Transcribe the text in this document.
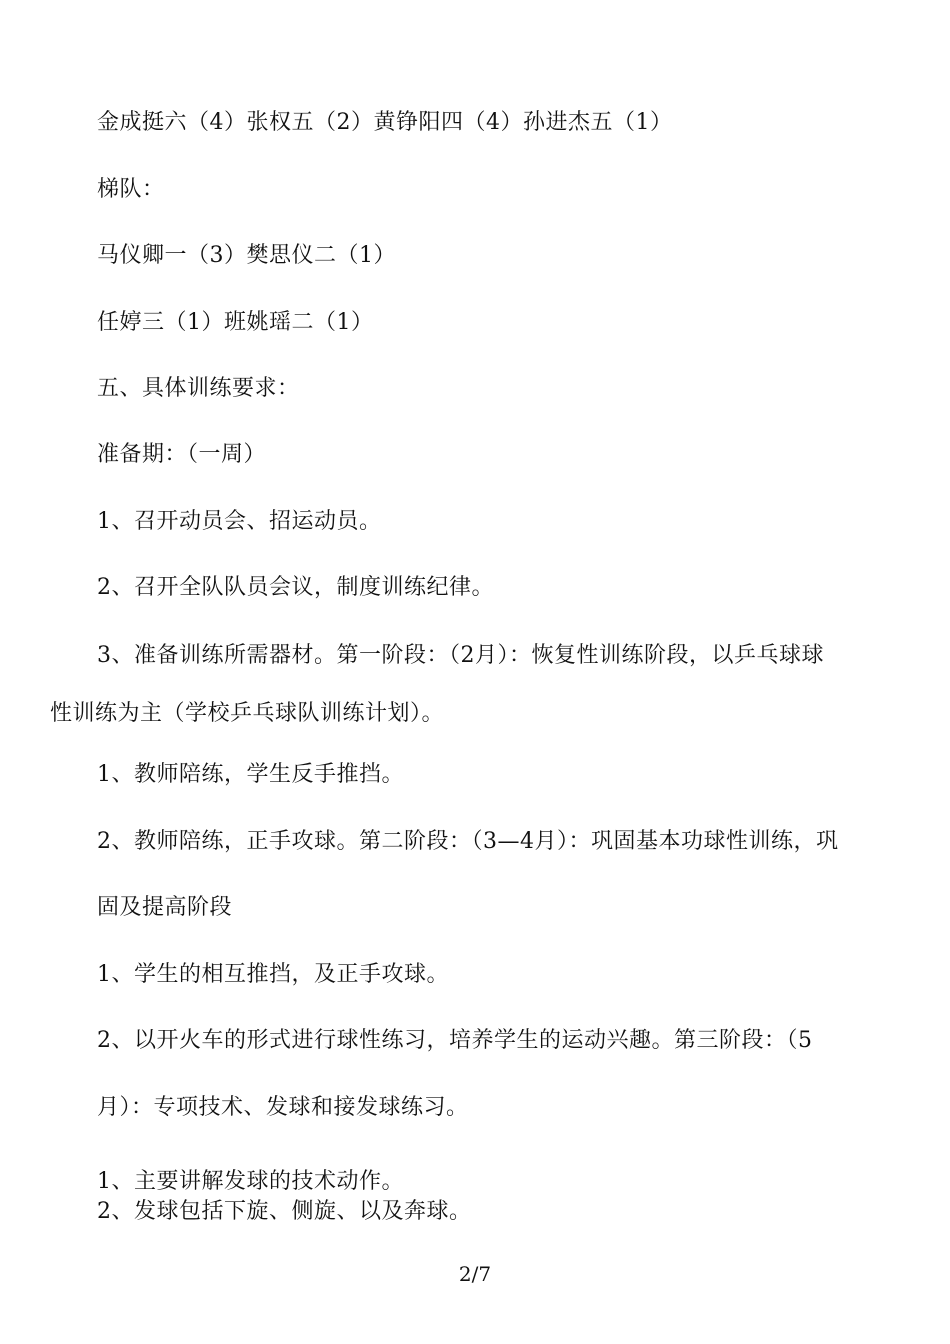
金成挺六（4）张权五（2）黄铮阳四（4）孙进杰五（1）

梯队：

马仪卿一（3）樊思仪二（1）

任婷三（1）班姚瑶二（1）

五、具体训练要求：

准备期：（一周）

1、召开动员会、招运动员。

2、召开全队队员会议，制度训练纪律。

3、准备训练所需器材。第一阶段：（2月）：恢复性训练阶段，以乒乓球球

性训练为主（学校乒乓球队训练计划）。

1、教师陪练，学生反手推挡。

2、教师陪练，正手攻球。第二阶段：（3—4月）：巩固基本功球性训练，巩

固及提高阶段

1、学生的相互推挡，及正手攻球。

2、以开火车的形式进行球性练习，培养学生的运动兴趣。第三阶段：（5

月）：专项技术、发球和接发球练习。

1、主要讲解发球的技术动作。

2、发球包括下旋、侧旋、以及奔球。

2/7
